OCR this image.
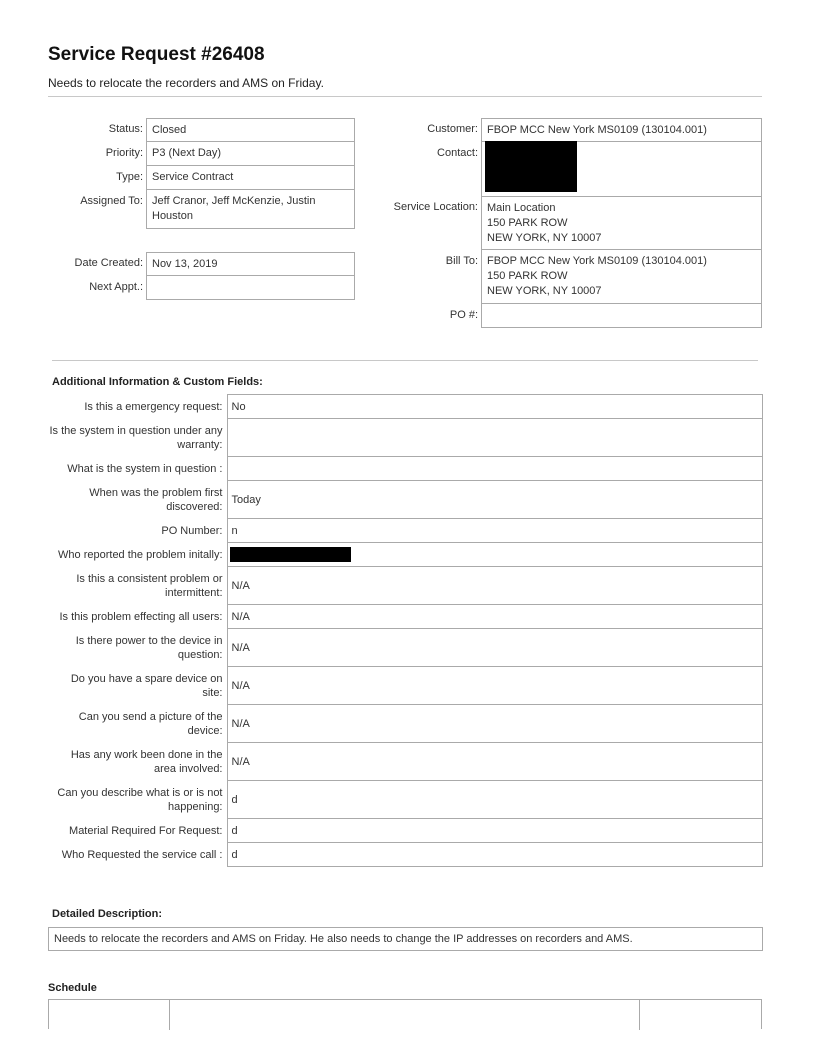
Service Request #26408
Needs to relocate the recorders and AMS on Friday.
Status: Closed
Priority: P3 (Next Day)
Type: Service Contract
Assigned To: Jeff Cranor, Jeff McKenzie, Justin Houston
Date Created: Nov 13, 2019
Next Appt.:
Customer: FBOP MCC New York MS0109 (130104.001)
Contact:
Service Location: Main Location
150 PARK ROW
NEW YORK, NY 10007
Bill To: FBOP MCC New York MS0109 (130104.001)
150 PARK ROW
NEW YORK, NY 10007
PO #:
Additional Information & Custom Fields:
Is this a emergency request:	No
Is the system in question under any warranty:	
What is the system in question :	
When was the problem first discovered:	Today
PO Number:	n
Who reported the problem initally:	

Is this a consistent problem or intermittent:	N/A
Is this problem effecting all users:	N/A
Is there power to the device in question:	N/A
Do you have a spare device on site:	N/A
Can you send a picture of the device:	N/A
Has any work been done in the area involved:	N/A
Can you describe what is or is not happening:	d
Material Required For Request:	d
Who Requested the service call :	d
Detailed Description:
Needs to relocate the recorders and AMS on Friday. He also needs to change the IP addresses on recorders and AMS.
Schedule
